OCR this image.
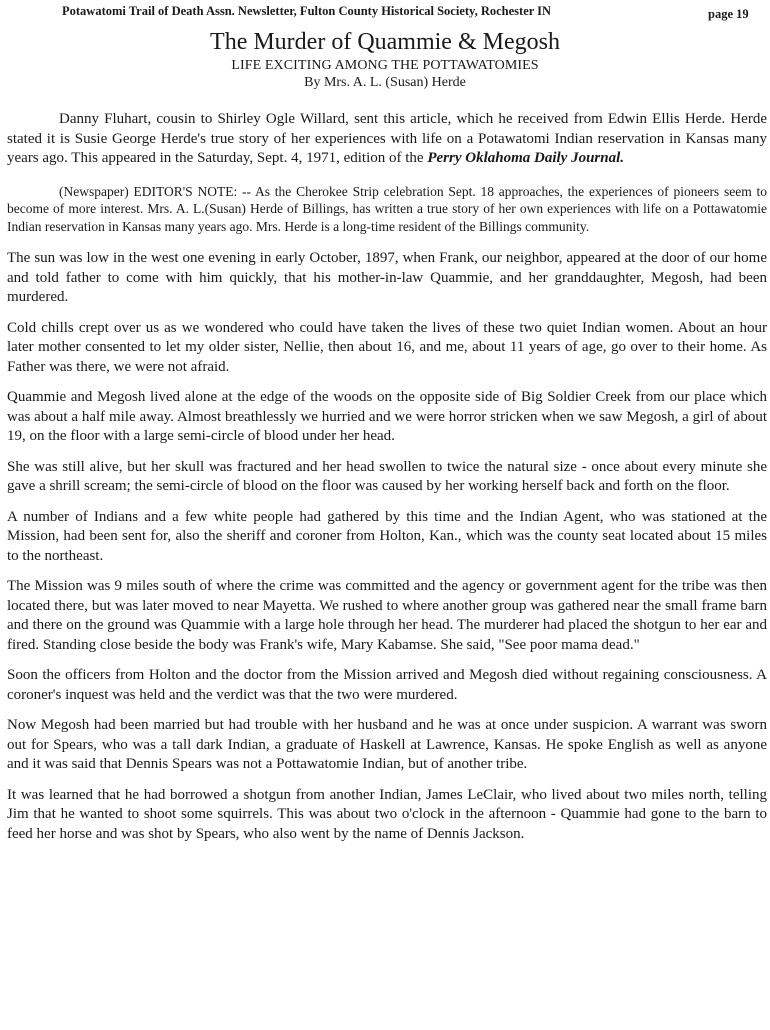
Potawatomi Trail of Death Assn. Newsletter, Fulton County Historical Society, Rochester IN	page 19
The Murder of Quammie & Megosh
LIFE EXCITING AMONG THE POTTAWATOMIES
By Mrs. A. L. (Susan) Herde

Danny Fluhart, cousin to Shirley Ogle Willard, sent this article, which he received from Edwin Ellis Herde. Herde stated it is Susie George Herde's true story of her experiences with life on a Potawatomi Indian reservation in Kansas many years ago. This appeared in the Saturday, Sept. 4, 1971, edition of the Perry Oklahoma Daily Journal.

(Newspaper) EDITOR'S NOTE: -- As the Cherokee Strip celebration Sept. 18 approaches, the experiences of pioneers seem to become of more interest. Mrs. A. L.(Susan) Herde of Billings, has written a true story of her own experiences with life on a Pottawatomie Indian reservation in Kansas many years ago. Mrs. Herde is a long-time resident of the Billings community.

The sun was low in the west one evening in early October, 1897, when Frank, our neighbor, appeared at the door of our home and told father to come with him quickly, that his mother-in-law Quammie, and her granddaughter, Megosh, had been murdered.

Cold chills crept over us as we wondered who could have taken the lives of these two quiet Indian women. About an hour later mother consented to let my older sister, Nellie, then about 16, and me, about 11 years of age, go over to their home. As Father was there, we were not afraid.

Quammie and Megosh lived alone at the edge of the woods on the opposite side of Big Soldier Creek from our place which was about a half mile away. Almost breathlessly we hurried and we were horror stricken when we saw Megosh, a girl of about 19, on the floor with a large semi-circle of blood under her head.

She was still alive, but her skull was fractured and her head swollen to twice the natural size - once about every minute she gave a shrill scream; the semi-circle of blood on the floor was caused by her working herself back and forth on the floor.

A number of Indians and a few white people had gathered by this time and the Indian Agent, who was stationed at the Mission, had been sent for, also the sheriff and coroner from Holton, Kan., which was the county seat located about 15 miles to the northeast.

The Mission was 9 miles south of where the crime was committed and the agency or government agent for the tribe was then located there, but was later moved to near Mayetta. We rushed to where another group was gathered near the small frame barn and there on the ground was Quammie with a large hole through her head. The murderer had placed the shotgun to her ear and fired. Standing close beside the body was Frank's wife, Mary Kabamse. She said, "See poor mama dead."

Soon the officers from Holton and the doctor from the Mission arrived and Megosh died without regaining consciousness. A coroner's inquest was held and the verdict was that the two were murdered.

Now Megosh had been married but had trouble with her husband and he was at once under suspicion. A warrant was sworn out for Spears, who was a tall dark Indian, a graduate of Haskell at Lawrence, Kansas. He spoke English as well as anyone and it was said that Dennis Spears was not a Pottawatomie Indian, but of another tribe.

It was learned that he had borrowed a shotgun from another Indian, James LeClair, who lived about two miles north, telling Jim that he wanted to shoot some squirrels. This was about two o'clock in the afternoon - Quammie had gone to the barn to feed her horse and was shot by Spears, who also went by the name of Dennis Jackson.
